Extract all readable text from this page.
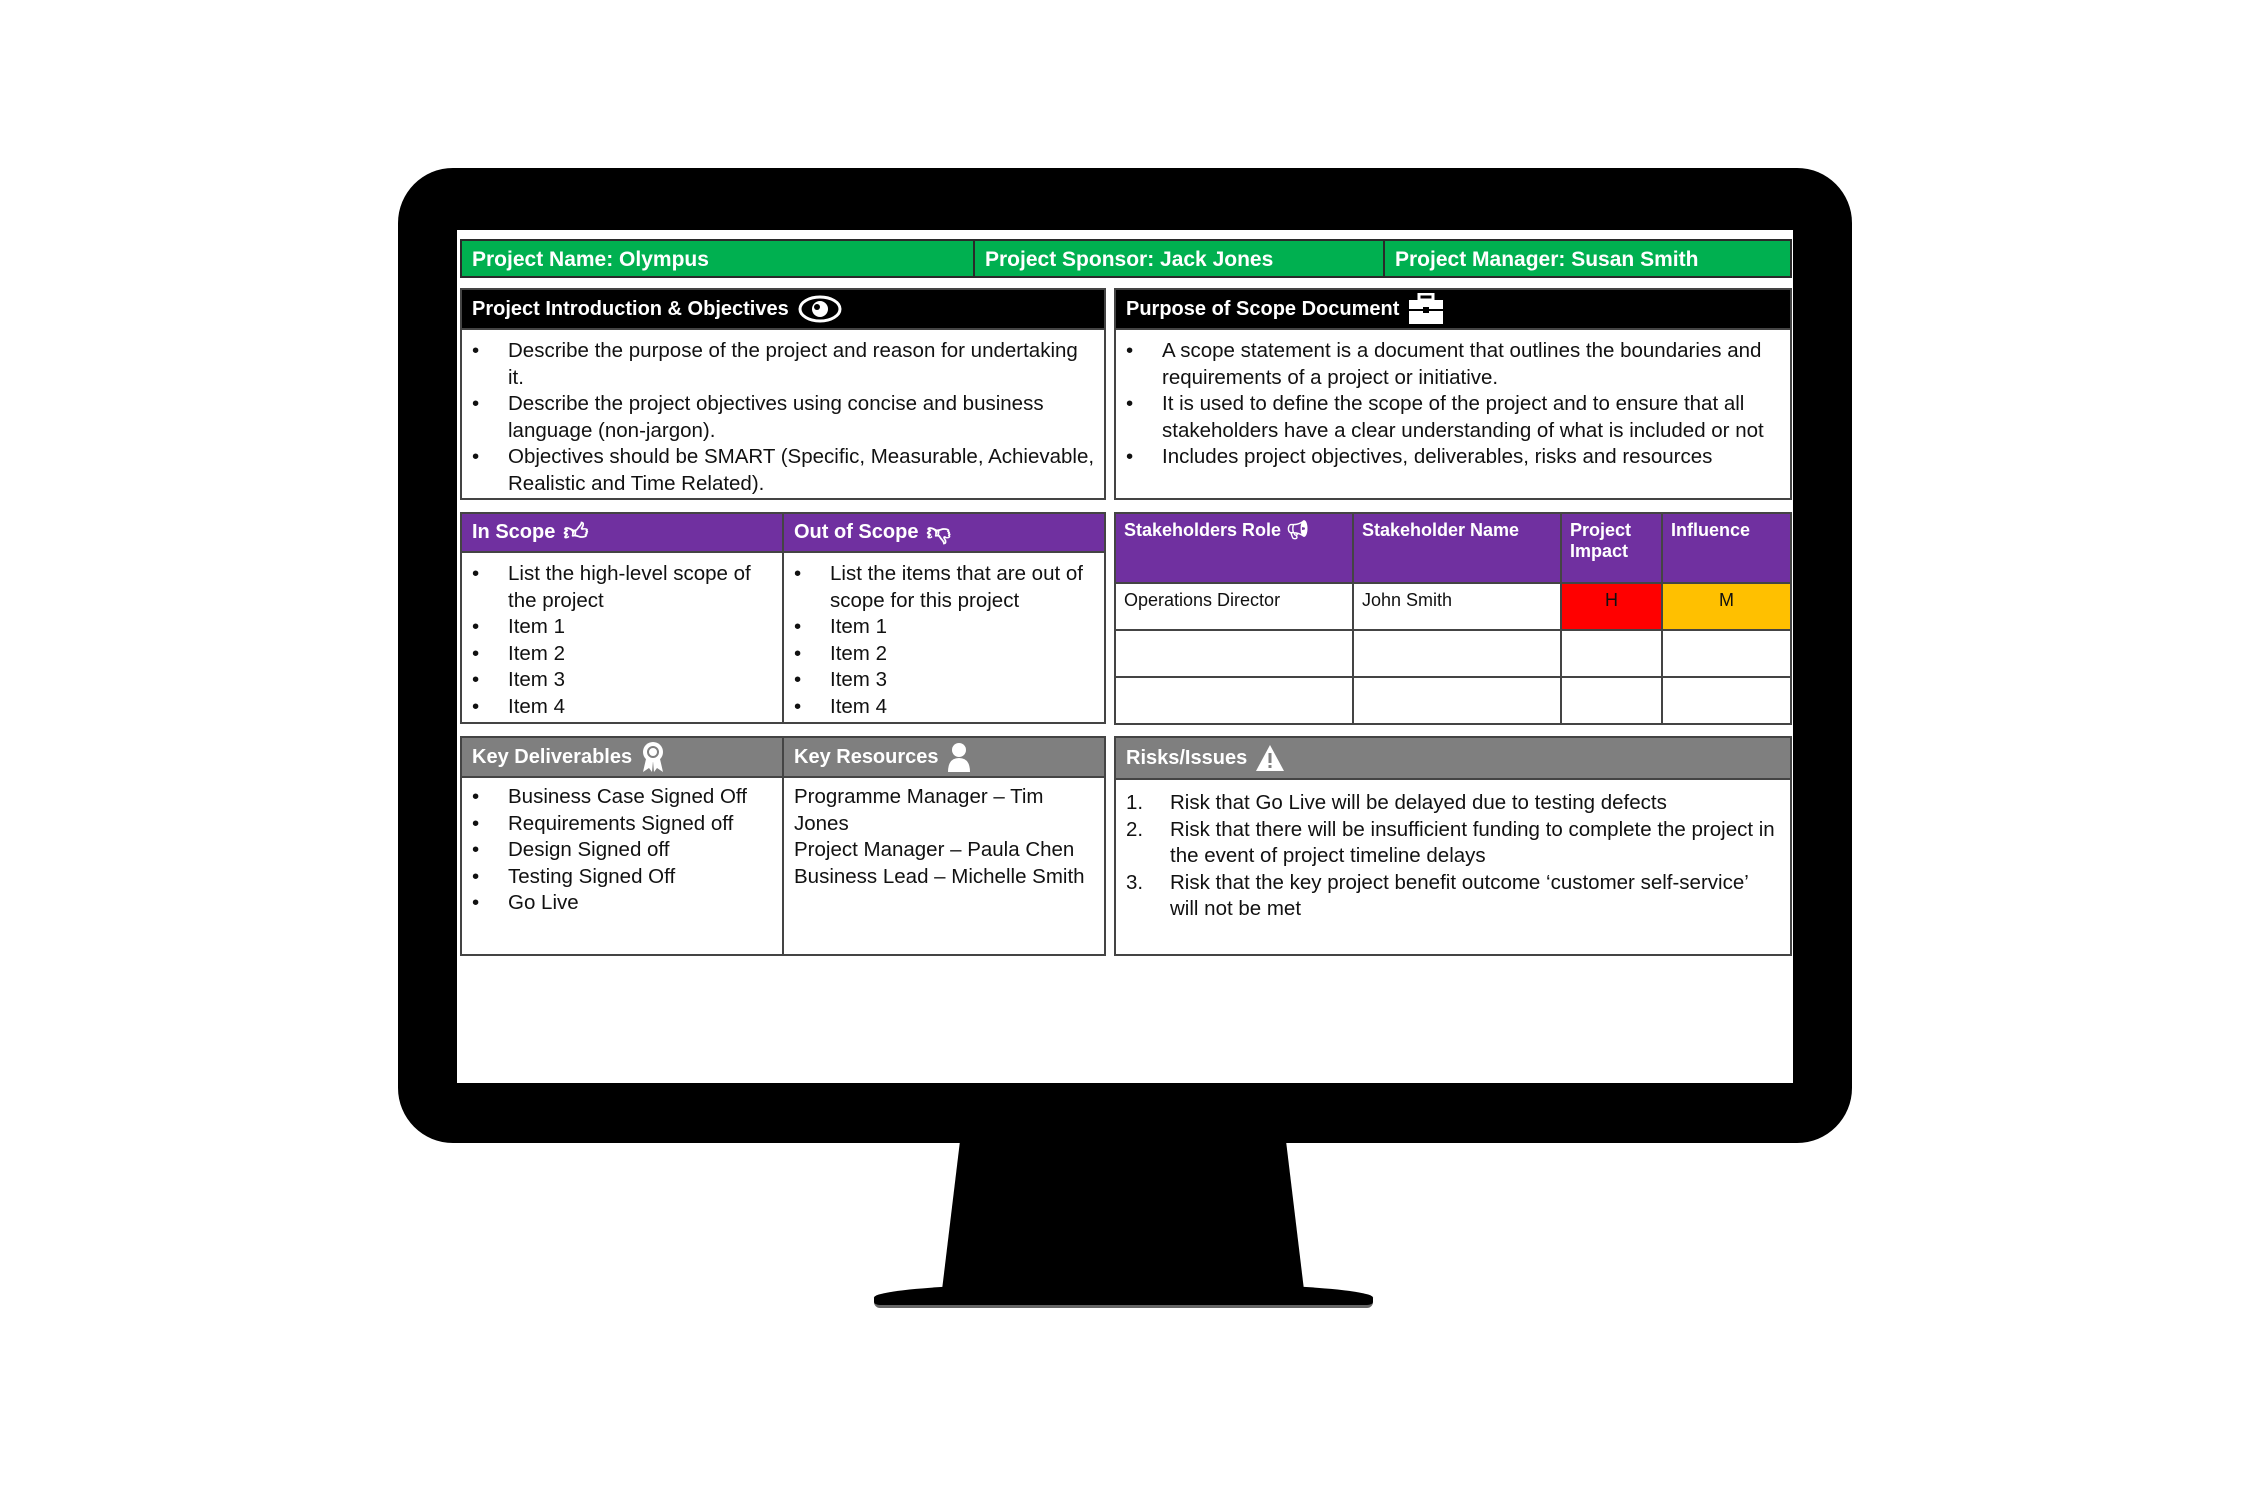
Project Name: Olympus	Project Sponsor: Jack Jones	Project Manager: Susan Smith
Project Introduction & Objectives
• Describe the purpose of the project and reason for undertaking it.
• Describe the project objectives using concise and business language (non-jargon).
• Objectives should be SMART (Specific, Measurable, Achievable, Realistic and Time Related).
Purpose of Scope Document
• A scope statement is a document that outlines the boundaries and requirements of a project or initiative.
• It is used to define the scope of the project and to ensure that all stakeholders have a clear understanding of what is included or not
• Includes project objectives, deliverables, risks and resources
In Scope 👍︎
• List the high-level scope of the project
• Item 1
• Item 2
• Item 3
• Item 4
Out of Scope 👎︎
• List the items that are out of scope for this project
• Item 1
• Item 2
• Item 3
• Item 4
Stakeholders Role 📢︎	Stakeholder Name	Project Impact	Influence
Operations Director	John Smith	H	M

Key Deliverables
• Business Case Signed Off
• Requirements Signed off
• Design Signed off
• Testing Signed Off
• Go Live
Key Resources

Programme Manager – Tim Jones

Project Manager – Paula Chen

Business Lead – Michelle Smith

Risks/Issues
1. Risk that Go Live will be delayed due to testing defects
2. Risk that there will be insufficient funding to complete the project in the event of project timeline delays
3. Risk that the key project benefit outcome ‘customer self-service’ will not be met
